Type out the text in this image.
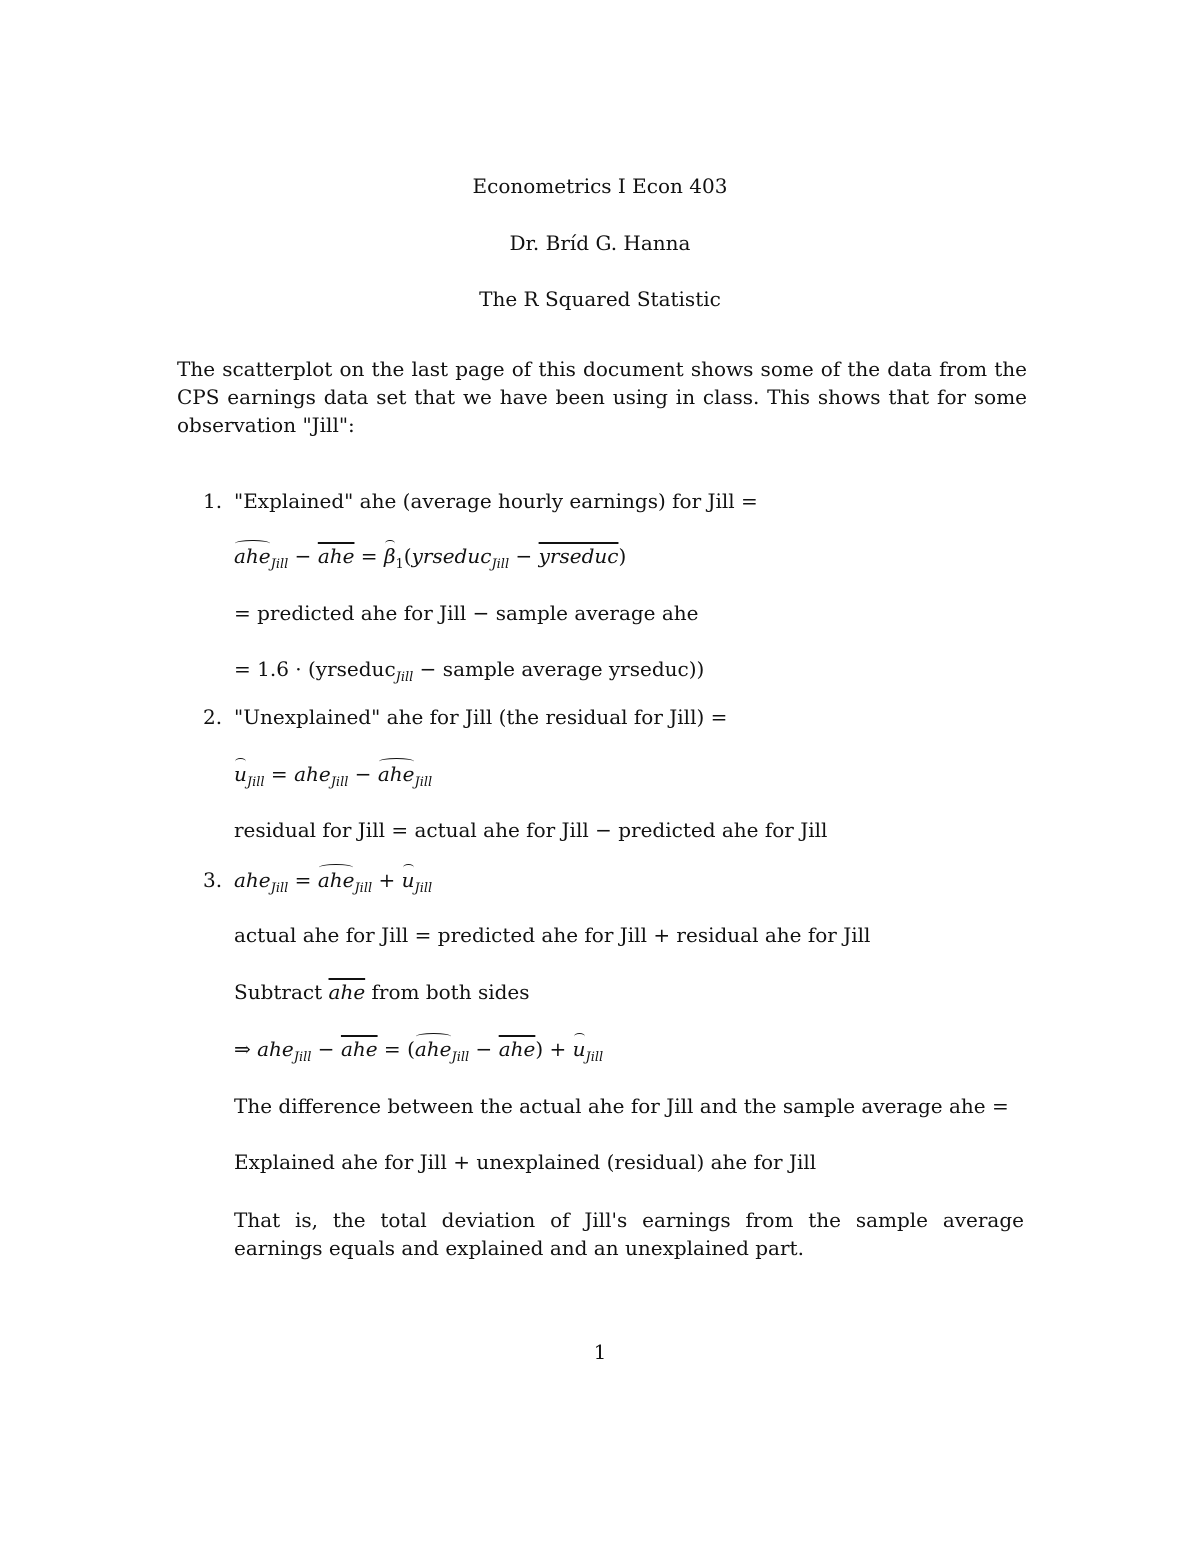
Econometrics I Econ 403
Dr. Bríd G. Hanna
The R Squared Statistic
The scatterplot on the last page of this document shows some of the data from the CPS earnings data set that we have been using in class. This shows that for some observation "Jill":
1. "Explained" ahe (average hourly earnings) for Jill =
$ahe_{Jill} - \overline{ahe}$ = $\beta_1(yrseduc_{Jill}$ − yrseduc)
= predicted ahe for Jill − sample average ahe
= 1.6 · (yrseduc$_{Jill}$ − sample average yrseduc))
2. "Unexplained" ahe for Jill (the residual for Jill) =
$u_{Jill} = ahe_{Jill} - ahe_{Jill}$
residual for Jill = actual ahe for Jill − predicted ahe for Jill
3. $ahe_{Jill} = ahe_{Jill} + u_{Jill}$
actual ahe for Jill = predicted ahe for Jill + residual ahe for Jill
Subtract $\overline{ahe}$ from both sides
⇒ $ahe_{Jill} - \overline{ahe} = (ahe_{Jill} - \overline{ahe}) + u_{Jill}$
The difference between the actual ahe for Jill and the sample average ahe =
Explained ahe for Jill + unexplained (residual) ahe for Jill
That is, the total deviation of Jill's earnings from the sample average earnings equals and explained and an unexplained part.
1
